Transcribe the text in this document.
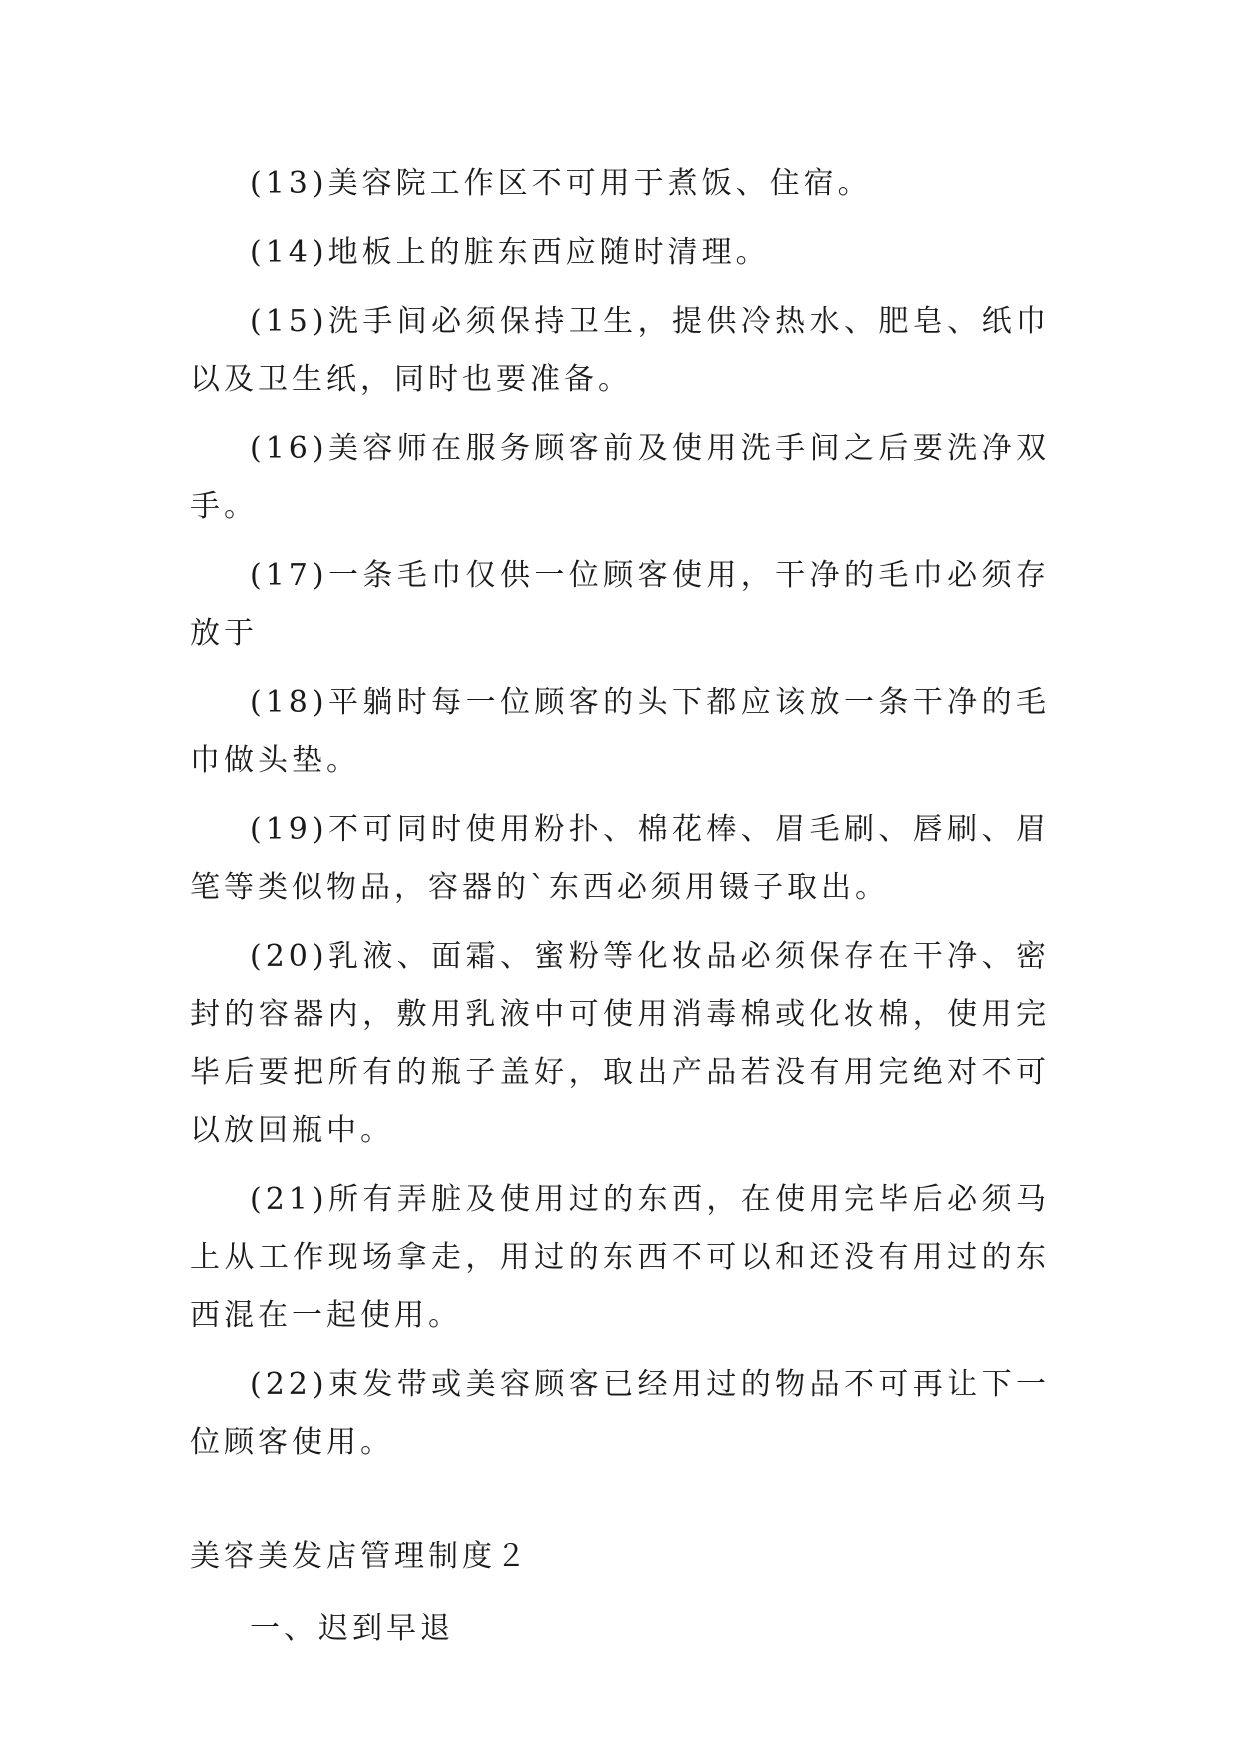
(13)美容院工作区不可用于煮饭、住宿。

(14)地板上的脏东西应随时清理。

(15)洗手间必须保持卫生，提供冷热水、肥皂、纸巾以及卫生纸，同时也要准备。

(16)美容师在服务顾客前及使用洗手间之后要洗净双手。

(17)一条毛巾仅供一位顾客使用，干净的毛巾必须存放于

(18)平躺时每一位顾客的头下都应该放一条干净的毛巾做头垫。

(19)不可同时使用粉扑、棉花棒、眉毛刷、唇刷、眉笔等类似物品，容器的`东西必须用镊子取出。

(20)乳液、面霜、蜜粉等化妆品必须保存在干净、密封的容器内，敷用乳液中可使用消毒棉或化妆棉，使用完毕后要把所有的瓶子盖好，取出产品若没有用完绝对不可以放回瓶中。

(21)所有弄脏及使用过的东西，在使用完毕后必须马上从工作现场拿走，用过的东西不可以和还没有用过的东西混在一起使用。

(22)束发带或美容顾客已经用过的物品不可再让下一位顾客使用。

美容美发店管理制度２

一、迟到早退
